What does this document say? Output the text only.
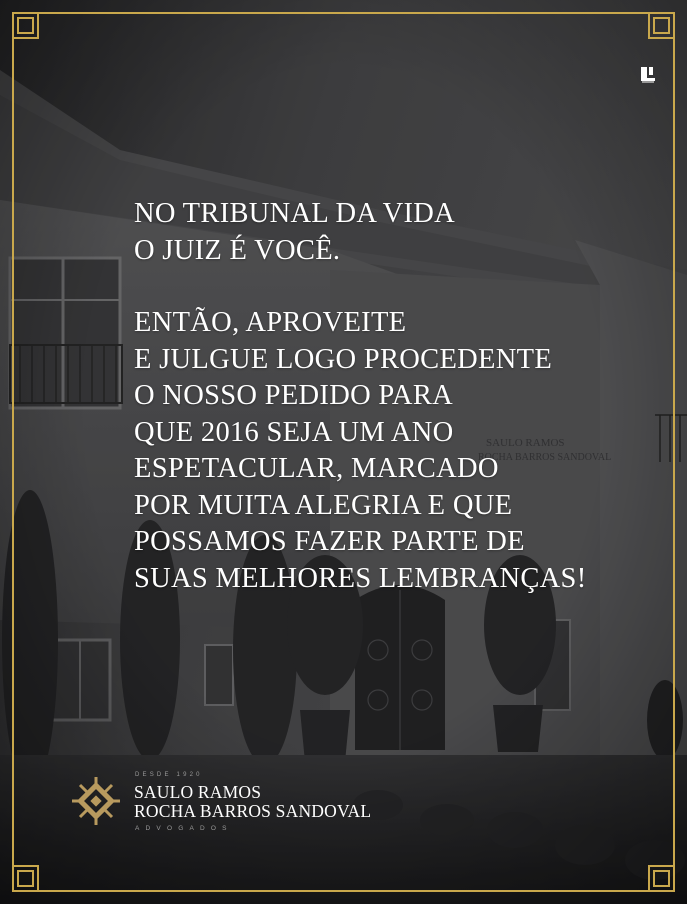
NO TRIBUNAL DA VIDA
O JUIZ É VOCÊ.
ENTÃO, APROVEITE
E JULGUE LOGO PROCEDENTE
O NOSSO PEDIDO PARA
QUE 2016 SEJA UM ANO
ESPETACULAR, MARCADO
POR MUITA ALEGRIA E QUE
POSSAMOS FAZER PARTE DE
SUAS MELHORES LEMBRANÇAS!
DESDE 1920
SAULO RAMOS
ROCHA BARROS SANDOVAL
ADVOGADOS
